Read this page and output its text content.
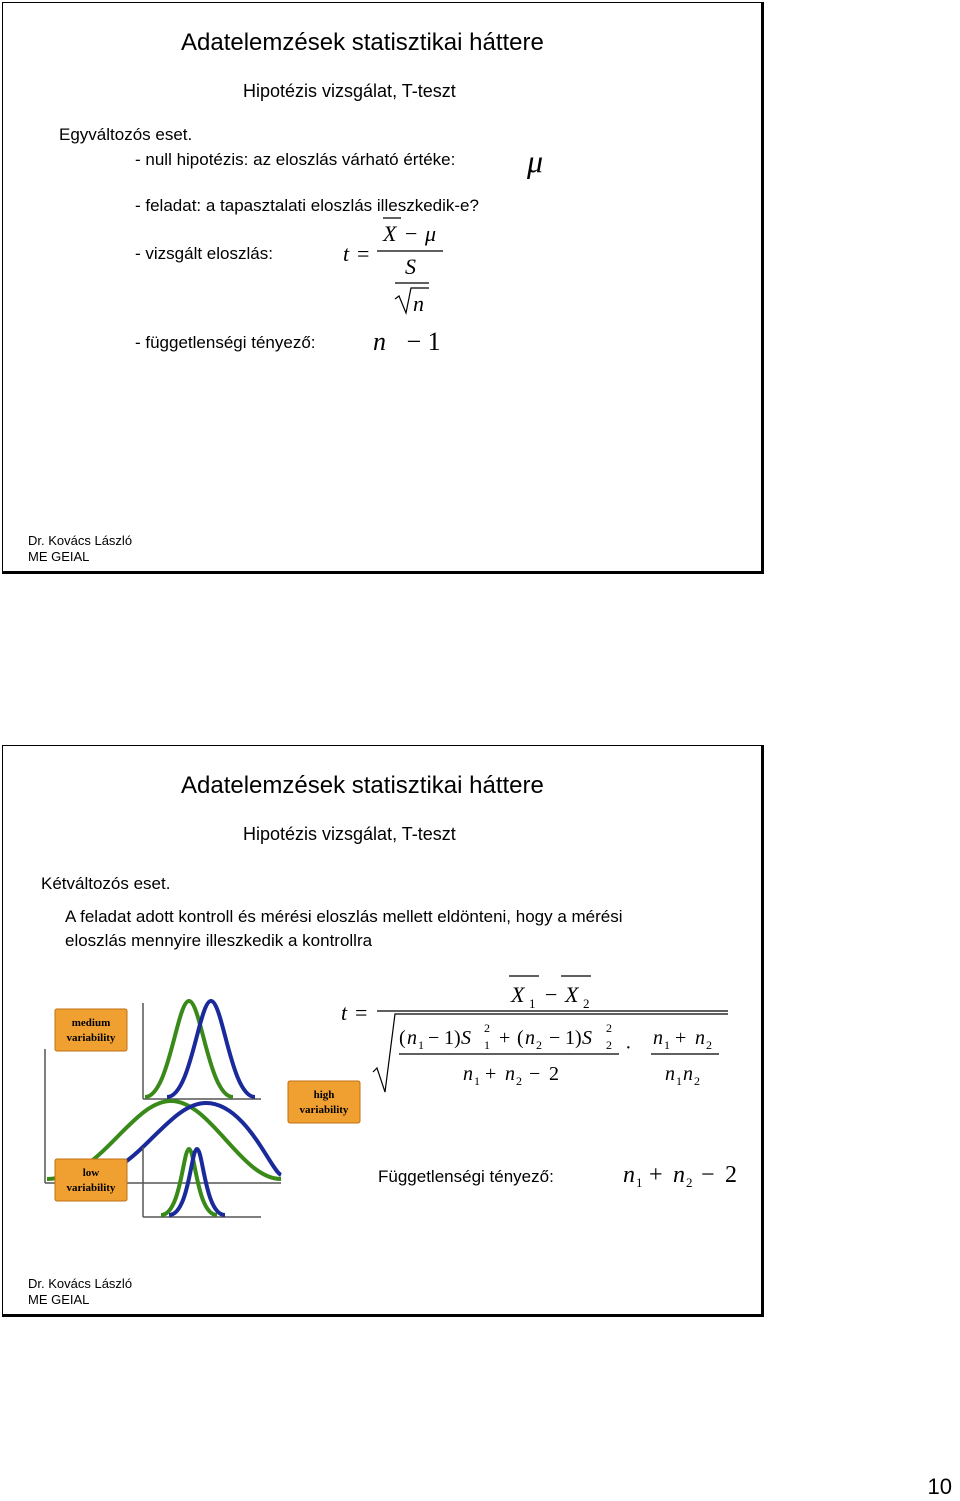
Adatelemzések statisztikai háttere
Hipotézis vizsgálat, T-teszt
Egyváltozós eset.
- null hipotézis: az eloszlás várható értéke: μ
- feladat: a tapasztalati eloszlás illeszkedik-e?
- vizsgált eloszlás:	t =
X − μ
S
n
- függetlenségi tényező: n − 1
Dr. Kovács László
ME GEIAL
Adatelemzések statisztikai háttere
Hipotézis vizsgálat, T-teszt
Kétváltozós eset.
A feladat adott kontroll és mérési eloszlás mellett eldönteni, hogy a mérési
eloszlás mennyire illeszkedik a kontrollra
medium
variability
high
variability
low
variability
t =
X 1 − X 2
( n 1 − 1 ) S 2
1 + ( n 2 − 1 ) S 2
2 ·
n 1 + n 2 − 2
n 1 + n 2
n 1 n 2
Függetlenségi tényező:	n 1 + n 2 − 2
Dr. Kovács László
ME GEIAL
10
